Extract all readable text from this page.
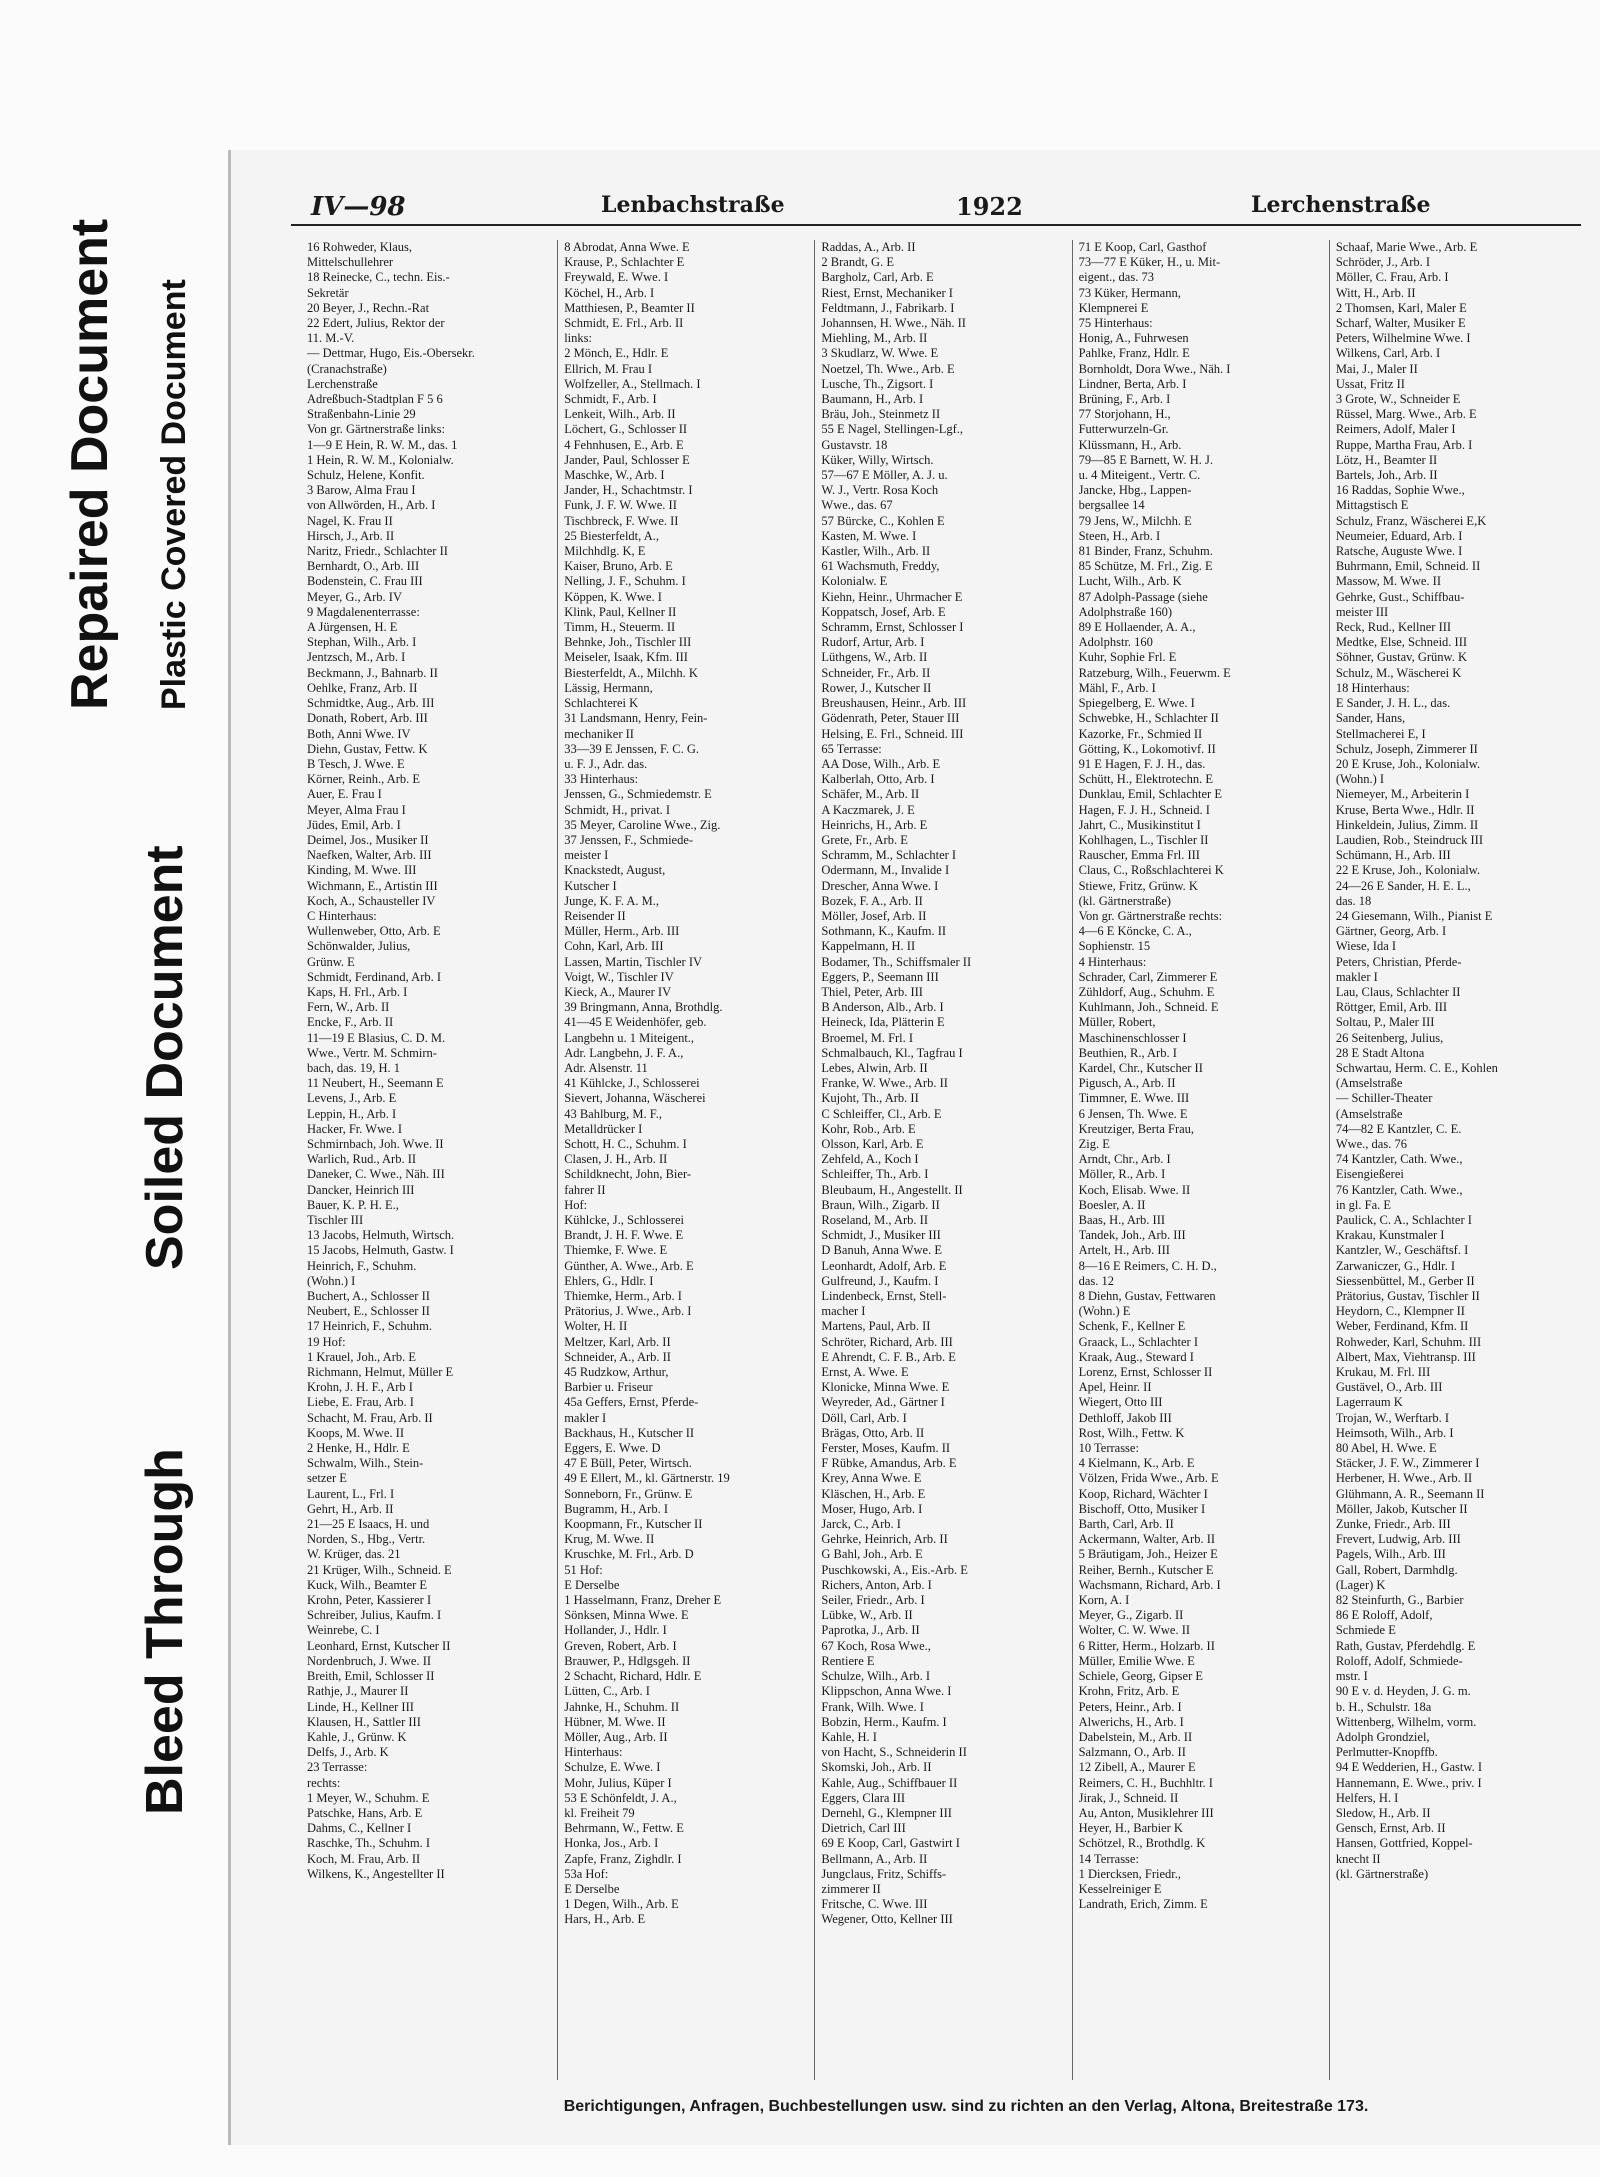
Repaired Document Plastic Covered Document
Soiled Document
Bleed Through
IV—98	Lenbachstraße	1922	Lerchenstraße
16 Rohweder, Klaus,
Mittelschullehrer
18 Reinecke, C., techn. Eis.-
Sekretär
20 Beyer, J., Rechn.-Rat
22 Edert, Julius, Rektor der
11. M.-V.
— Dettmar, Hugo, Eis.-Obersekr.
(Cranachstraße)
Lerchenstraße
Adreßbuch-Stadtplan F 5 6
Straßenbahn-Linie 29
Von gr. Gärtnerstraße links:
1—9 E Hein, R. W. M., das. 1
1 Hein, R. W. M., Kolonialw.
Schulz, Helene, Konfit.
3 Barow, Alma Frau I
von Allwörden, H., Arb. I
Nagel, K. Frau II
Hirsch, J., Arb. II
Naritz, Friedr., Schlachter II
Bernhardt, O., Arb. III
Bodenstein, C. Frau III
Meyer, G., Arb. IV
9 Magdalenenterrasse:
A Jürgensen, H. E
Stephan, Wilh., Arb. I
Jentzsch, M., Arb. I
Beckmann, J., Bahnarb. II
Oehlke, Franz, Arb. II
Schmidtke, Aug., Arb. III
Donath, Robert, Arb. III
Both, Anni Wwe. IV
Diehn, Gustav, Fettw. K
B Tesch, J. Wwe. E
Körner, Reinh., Arb. E
Auer, E. Frau I
Meyer, Alma Frau I
Jüdes, Emil, Arb. I
Deimel, Jos., Musiker II
Naefken, Walter, Arb. III
Kinding, M. Wwe. III
Wichmann, E., Artistin III
Koch, A., Schausteller IV
C Hinterhaus:
Wullenweber, Otto, Arb. E
Schönwalder, Julius,
Grünw. E
Schmidt, Ferdinand, Arb. I
Kaps, H. Frl., Arb. I
Fern, W., Arb. II
Encke, F., Arb. II
11—19 E Blasius, C. D. M.
Wwe., Vertr. M. Schmirn-
bach, das. 19, H. 1
11 Neubert, H., Seemann E
Levens, J., Arb. E
Leppin, H., Arb. I
Hacker, Fr. Wwe. I
Schmirnbach, Joh. Wwe. II
Warlich, Rud., Arb. II
Daneker, C. Wwe., Näh. III
Dancker, Heinrich III
Bauer, K. P. H. E.,
Tischler III
13 Jacobs, Helmuth, Wirtsch.
15 Jacobs, Helmuth, Gastw. I
Heinrich, F., Schuhm.
(Wohn.) I
Buchert, A., Schlosser II
Neubert, E., Schlosser II
17 Heinrich, F., Schuhm.
19 Hof:
1 Krauel, Joh., Arb. E
Richmann, Helmut, Müller E
Krohn, J. H. F., Arb I
Liebe, E. Frau, Arb. I
Schacht, M. Frau, Arb. II
Koops, M. Wwe. II
2 Henke, H., Hdlr. E
Schwalm, Wilh., Stein-
setzer E
Laurent, L., Frl. I
Gehrt, H., Arb. II
21—25 E Isaacs, H. und
Norden, S., Hbg., Vertr.
W. Krüger, das. 21
21 Krüger, Wilh., Schneid. E
Kuck, Wilh., Beamter E
Krohn, Peter, Kassierer I
Schreiber, Julius, Kaufm. I
Weinrebe, C. I
Leonhard, Ernst, Kutscher II
Nordenbruch, J. Wwe. II
Breith, Emil, Schlosser II
Rathje, J., Maurer II
Linde, H., Kellner III
Klausen, H., Sattler III
Kahle, J., Grünw. K
Delfs, J., Arb. K
23 Terrasse:
rechts:
1 Meyer, W., Schuhm. E
Patschke, Hans, Arb. E
Dahms, C., Kellner I
Raschke, Th., Schuhm. I
Koch, M. Frau, Arb. II
Wilkens, K., Angestellter II
8 Abrodat, Anna Wwe. E
Krause, P., Schlachter E
Freywald, E. Wwe. I
Köchel, H., Arb. I
Matthiesen, P., Beamter II
Schmidt, E. Frl., Arb. II
links:
2 Mönch, E., Hdlr. E
Ellrich, M. Frau I
Wolfzeller, A., Stellmach. I
Schmidt, F., Arb. I
Lenkeit, Wilh., Arb. II
Löchert, G., Schlosser II
4 Fehnhusen, E., Arb. E
Jander, Paul, Schlosser E
Maschke, W., Arb. I
Jander, H., Schachtmstr. I
Funk, J. F. W. Wwe. II
Tischbreck, F. Wwe. II
25 Biesterfeldt, A.,
Milchhdlg. K, E
Kaiser, Bruno, Arb. E
Nelling, J. F., Schuhm. I
Köppen, K. Wwe. I
Klink, Paul, Kellner II
Timm, H., Steuerm. II
Behnke, Joh., Tischler III
Meiseler, Isaak, Kfm. III
Biesterfeldt, A., Milchh. K
Lässig, Hermann,
Schlachterei K
31 Landsmann, Henry, Fein-
mechaniker II
33—39 E Jenssen, F. C. G.
u. F. J., Adr. das.
33 Hinterhaus:
Jenssen, G., Schmiedemstr. E
Schmidt, H., privat. I
35 Meyer, Caroline Wwe., Zig.
37 Jenssen, F., Schmiede-
meister I
Knackstedt, August,
Kutscher I
Junge, K. F. A. M.,
Reisender II
Müller, Herm., Arb. III
Cohn, Karl, Arb. III
Lassen, Martin, Tischler IV
Voigt, W., Tischler IV
Kieck, A., Maurer IV
39 Bringmann, Anna, Brothdlg.
41—45 E Weidenhöfer, geb.
Langbehn u. 1 Miteigent.,
Adr. Langbehn, J. F. A.,
Adr. Alsenstr. 11
41 Kühlcke, J., Schlosserei
Sievert, Johanna, Wäscherei
43 Bahlburg, M. F.,
Metalldrücker I
Schott, H. C., Schuhm. I
Clasen, J. H., Arb. II
Schildknecht, John, Bier-
fahrer II
Hof:
Kühlcke, J., Schlosserei
Brandt, J. H. F. Wwe. E
Thiemke, F. Wwe. E
Günther, A. Wwe., Arb. E
Ehlers, G., Hdlr. I
Thiemke, Herm., Arb. I
Prätorius, J. Wwe., Arb. I
Wolter, H. II
Meltzer, Karl, Arb. II
Schneider, A., Arb. II
45 Rudzkow, Arthur,
Barbier u. Friseur
45a Geffers, Ernst, Pferde-
makler I
Backhaus, H., Kutscher II
Eggers, E. Wwe. D
47 E Büll, Peter, Wirtsch.
49 E Ellert, M., kl. Gärtnerstr. 19
Sonneborn, Fr., Grünw. E
Bugramm, H., Arb. I
Koopmann, Fr., Kutscher II
Krug, M. Wwe. II
Kruschke, M. Frl., Arb. D
51 Hof:
E Derselbe
1 Hasselmann, Franz, Dreher E
Sönksen, Minna Wwe. E
Hollander, J., Hdlr. I
Greven, Robert, Arb. I
Brauwer, P., Hdlgsgeh. II
2 Schacht, Richard, Hdlr. E
Lütten, C., Arb. I
Jahnke, H., Schuhm. II
Hübner, M. Wwe. II
Möller, Aug., Arb. II
Hinterhaus:
Schulze, E. Wwe. I
Mohr, Julius, Küper I
53 E Schönfeldt, J. A.,
kl. Freiheit 79
Behrmann, W., Fettw. E
Honka, Jos., Arb. I
Zapfe, Franz, Zighdlr. I
53a Hof:
E Derselbe
1 Degen, Wilh., Arb. E
Hars, H., Arb. E
Raddas, A., Arb. II
2 Brandt, G. E
Bargholz, Carl, Arb. E
Riest, Ernst, Mechaniker I
Feldtmann, J., Fabrikarb. I
Johannsen, H. Wwe., Näh. II
Miehling, M., Arb. II
3 Skudlarz, W. Wwe. E
Noetzel, Th. Wwe., Arb. E
Lusche, Th., Zigsort. I
Baumann, H., Arb. I
Bräu, Joh., Steinmetz II
55 E Nagel, Stellingen-Lgf.,
Gustavstr. 18
Küker, Willy, Wirtsch.
57—67 E Möller, A. J. u.
W. J., Vertr. Rosa Koch
Wwe., das. 67
57 Bürcke, C., Kohlen E
Kasten, M. Wwe. I
Kastler, Wilh., Arb. II
61 Wachsmuth, Freddy,
Kolonialw. E
Kiehn, Heinr., Uhrmacher E
Koppatsch, Josef, Arb. E
Schramm, Ernst, Schlosser I
Rudorf, Artur, Arb. I
Lüthgens, W., Arb. II
Schneider, Fr., Arb. II
Rower, J., Kutscher II
Breushausen, Heinr., Arb. III
Gödenrath, Peter, Stauer III
Helsing, E. Frl., Schneid. III
65 Terrasse:
AA Dose, Wilh., Arb. E
Kalberlah, Otto, Arb. I
Schäfer, M., Arb. II
A Kaczmarek, J. E
Heinrichs, H., Arb. E
Grete, Fr., Arb. E
Schramm, M., Schlachter I
Odermann, M., Invalide I
Drescher, Anna Wwe. I
Bozek, F. A., Arb. II
Möller, Josef, Arb. II
Sothmann, K., Kaufm. II
Kappelmann, H. II
Bodamer, Th., Schiffsmaler II
Eggers, P., Seemann III
Thiel, Peter, Arb. III
B Anderson, Alb., Arb. I
Heineck, Ida, Plätterin E
Broemel, M. Frl. I
Schmalbauch, Kl., Tagfrau I
Lebes, Alwin, Arb. II
Franke, W. Wwe., Arb. II
Kujoht, Th., Arb. II
C Schleiffer, Cl., Arb. E
Kohr, Rob., Arb. E
Olsson, Karl, Arb. E
Zehfeld, A., Koch I
Schleiffer, Th., Arb. I
Bleubaum, H., Angestellt. II
Braun, Wilh., Zigarb. II
Roseland, M., Arb. II
Schmidt, J., Musiker III
D Banuh, Anna Wwe. E
Leonhardt, Adolf, Arb. E
Gulfreund, J., Kaufm. I
Lindenbeck, Ernst, Stell-
macher I
Martens, Paul, Arb. II
Schröter, Richard, Arb. III
E Ahrendt, C. F. B., Arb. E
Ernst, A. Wwe. E
Klonicke, Minna Wwe. E
Weyreder, Ad., Gärtner I
Döll, Carl, Arb. I
Brägas, Otto, Arb. II
Ferster, Moses, Kaufm. II
F Rübke, Amandus, Arb. E
Krey, Anna Wwe. E
Kläschen, H., Arb. E
Moser, Hugo, Arb. I
Jarck, C., Arb. I
Gehrke, Heinrich, Arb. II
G Bahl, Joh., Arb. E
Puschkowski, A., Eis.-Arb. E
Richers, Anton, Arb. I
Seiler, Friedr., Arb. I
Lübke, W., Arb. II
Paprotka, J., Arb. II
67 Koch, Rosa Wwe.,
Rentiere E
Schulze, Wilh., Arb. I
Klippschon, Anna Wwe. I
Frank, Wilh. Wwe. I
Bobzin, Herm., Kaufm. I
Kahle, H. I
von Hacht, S., Schneiderin II
Skomski, Joh., Arb. II
Kahle, Aug., Schiffbauer II
Eggers, Clara III
Dernehl, G., Klempner III
Dietrich, Carl III
69 E Koop, Carl, Gastwirt I
Bellmann, A., Arb. II
Jungclaus, Fritz, Schiffs-
zimmerer II
Fritsche, C. Wwe. III
Wegener, Otto, Kellner III
71 E Koop, Carl, Gasthof
73—77 E Küker, H., u. Mit-
eigent., das. 73
73 Küker, Hermann,
Klempnerei E
75 Hinterhaus:
Honig, A., Fuhrwesen
Pahlke, Franz, Hdlr. E
Bornholdt, Dora Wwe., Näh. I
Lindner, Berta, Arb. I
Brüning, F., Arb. I
77 Storjohann, H.,
Futterwurzeln-Gr.
Klüssmann, H., Arb.
79—85 E Barnett, W. H. J.
u. 4 Miteigent., Vertr. C.
Jancke, Hbg., Lappen-
bergsallee 14
79 Jens, W., Milchh. E
Steen, H., Arb. I
81 Binder, Franz, Schuhm.
85 Schütze, M. Frl., Zig. E
Lucht, Wilh., Arb. K
87 Adolph-Passage (siehe
Adolphstraße 160)
89 E Hollaender, A. A.,
Adolphstr. 160
Kuhr, Sophie Frl. E
Ratzeburg, Wilh., Feuerwm. E
Mähl, F., Arb. I
Spiegelberg, E. Wwe. I
Schwebke, H., Schlachter II
Kazorke, Fr., Schmied II
Götting, K., Lokomotivf. II
91 E Hagen, F. J. H., das.
Schütt, H., Elektrotechn. E
Dunklau, Emil, Schlachter E
Hagen, F. J. H., Schneid. I
Jahrt, C., Musikinstitut I
Kohlhagen, L., Tischler II
Rauscher, Emma Frl. III
Claus, C., Roßschlachterei K
Stiewe, Fritz, Grünw. K
(kl. Gärtnerstraße)
Von gr. Gärtnerstraße rechts:
4—6 E Köncke, C. A.,
Sophienstr. 15
4 Hinterhaus:
Schrader, Carl, Zimmerer E
Zühldorf, Aug., Schuhm. E
Kuhlmann, Joh., Schneid. E
Müller, Robert,
Maschinenschlosser I
Beuthien, R., Arb. I
Kardel, Chr., Kutscher II
Pigusch, A., Arb. II
Timmner, E. Wwe. III
6 Jensen, Th. Wwe. E
Kreutziger, Berta Frau,
Zig. E
Arndt, Chr., Arb. I
Möller, R., Arb. I
Koch, Elisab. Wwe. II
Boesler, A. II
Baas, H., Arb. III
Tandek, Joh., Arb. III
Artelt, H., Arb. III
8—16 E Reimers, C. H. D.,
das. 12
8 Diehn, Gustav, Fettwaren
(Wohn.) E
Schenk, F., Kellner E
Graack, L., Schlachter I
Kraak, Aug., Steward I
Lorenz, Ernst, Schlosser II
Apel, Heinr. II
Wiegert, Otto III
Dethloff, Jakob III
Rost, Wilh., Fettw. K
10 Terrasse:
4 Kielmann, K., Arb. E
Völzen, Frida Wwe., Arb. E
Koop, Richard, Wächter I
Bischoff, Otto, Musiker I
Barth, Carl, Arb. II
Ackermann, Walter, Arb. II
5 Bräutigam, Joh., Heizer E
Reiher, Bernh., Kutscher E
Wachsmann, Richard, Arb. I
Korn, A. I
Meyer, G., Zigarb. II
Wolter, C. W. Wwe. II
6 Ritter, Herm., Holzarb. II
Müller, Emilie Wwe. E
Schiele, Georg, Gipser E
Krohn, Fritz, Arb. E
Peters, Heinr., Arb. I
Alwerichs, H., Arb. I
Dabelstein, M., Arb. II
Salzmann, O., Arb. II
12 Zibell, A., Maurer E
Reimers, C. H., Buchhltr. I
Jirak, J., Schneid. II
Au, Anton, Musiklehrer III
Heyer, H., Barbier K
Schötzel, R., Brothdlg. K
14 Terrasse:
1 Diercksen, Friedr.,
Kesselreiniger E
Landrath, Erich, Zimm. E
Schaaf, Marie Wwe., Arb. E
Schröder, J., Arb. I
Möller, C. Frau, Arb. I
Witt, H., Arb. II
2 Thomsen, Karl, Maler E
Scharf, Walter, Musiker E
Peters, Wilhelmine Wwe. I
Wilkens, Carl, Arb. I
Mai, J., Maler II
Ussat, Fritz II
3 Grote, W., Schneider E
Rüssel, Marg. Wwe., Arb. E
Reimers, Adolf, Maler I
Ruppe, Martha Frau, Arb. I
Lötz, H., Beamter II
Bartels, Joh., Arb. II
16 Raddas, Sophie Wwe.,
Mittagstisch E
Schulz, Franz, Wäscherei E,K
Neumeier, Eduard, Arb. I
Ratsche, Auguste Wwe. I
Buhrmann, Emil, Schneid. II
Massow, M. Wwe. II
Gehrke, Gust., Schiffbau-
meister III
Reck, Rud., Kellner III
Medtke, Else, Schneid. III
Söhner, Gustav, Grünw. K
Schulz, M., Wäscherei K
18 Hinterhaus:
E Sander, J. H. L., das.
Sander, Hans,
Stellmacherei E, I
Schulz, Joseph, Zimmerer II
20 E Kruse, Joh., Kolonialw.
(Wohn.) I
Niemeyer, M., Arbeiterin I
Kruse, Berta Wwe., Hdlr. II
Hinkeldein, Julius, Zimm. II
Laudien, Rob., Steindruck III
Schümann, H., Arb. III
22 E Kruse, Joh., Kolonialw.
24—26 E Sander, H. E. L.,
das. 18
24 Giesemann, Wilh., Pianist E
Gärtner, Georg, Arb. I
Wiese, Ida I
Peters, Christian, Pferde-
makler I
Lau, Claus, Schlachter II
Röttger, Emil, Arb. III
Soltau, P., Maler III
26 Seitenberg, Julius,
28 E Stadt Altona
Schwartau, Herm. C. E., Kohlen
(Amselstraße
— Schiller-Theater
(Amselstraße
74—82 E Kantzler, C. E.
Wwe., das. 76
74 Kantzler, Cath. Wwe.,
Eisengießerei
76 Kantzler, Cath. Wwe.,
in gl. Fa. E
Paulick, C. A., Schlachter I
Krakau, Kunstmaler I
Kantzler, W., Geschäftsf. I
Zarwaniczer, G., Hdlr. I
Siessenbüttel, M., Gerber II
Prätorius, Gustav, Tischler II
Heydorn, C., Klempner II
Weber, Ferdinand, Kfm. II
Rohweder, Karl, Schuhm. III
Albert, Max, Viehtransp. III
Krukau, M. Frl. III
Gustävel, O., Arb. III
Lagerraum K
Trojan, W., Werftarb. I
Heimsoth, Wilh., Arb. I
80 Abel, H. Wwe. E
Stäcker, J. F. W., Zimmerer I
Herbener, H. Wwe., Arb. II
Glühmann, A. R., Seemann II
Möller, Jakob, Kutscher II
Zunke, Friedr., Arb. III
Frevert, Ludwig, Arb. III
Pagels, Wilh., Arb. III
Gall, Robert, Darmhdlg.
(Lager) K
82 Steinfurth, G., Barbier
86 E Roloff, Adolf,
Schmiede E
Rath, Gustav, Pferdehdlg. E
Roloff, Adolf, Schmiede-
mstr. I
90 E v. d. Heyden, J. G. m.
b. H., Schulstr. 18a
Wittenberg, Wilhelm, vorm.
Adolph Grondziel,
Perlmutter-Knopffb.
94 E Wedderien, H., Gastw. I
Hannemann, E. Wwe., priv. I
Helfers, H. I
Sledow, H., Arb. II
Gensch, Ernst, Arb. II
Hansen, Gottfried, Koppel-
knecht II
(kl. Gärtnerstraße)
Berichtigungen, Anfragen, Buchbestellungen usw. sind zu richten an den Verlag, Altona, Breitestraße 173.
